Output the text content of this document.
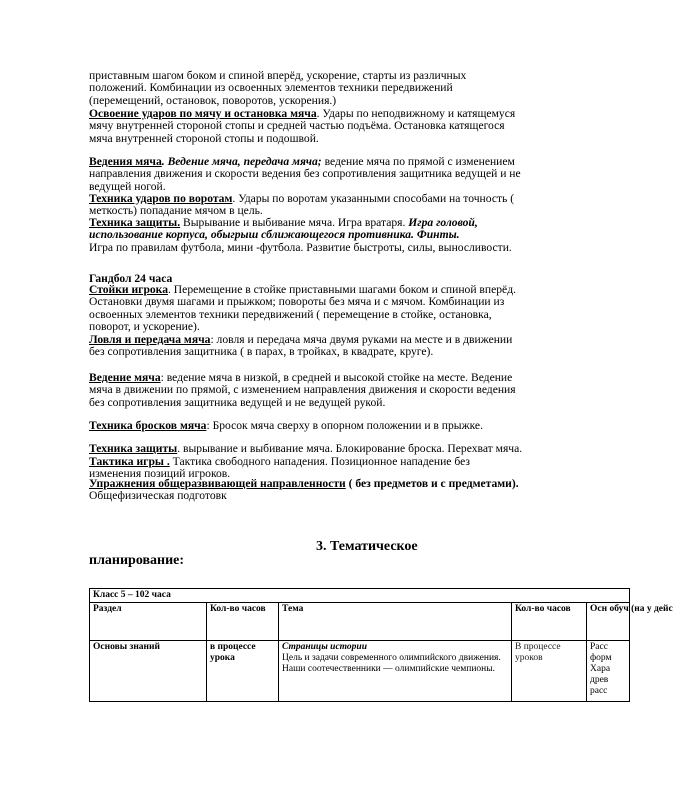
приставным шагом боком и спиной вперёд, ускорение, старты из различных положений. Комбинации из освоенных элементов техники передвижений (перемещений, остановок, поворотов, ускорения.)
Освоение ударов по мячу и остановка мяча. Удары по неподвижному и катящемуся мячу внутренней стороной стопы и средней частью подъёма. Остановка катящегося мяча внутренней стороной стопы и подошвой.
Ведения мяча. Ведение мяча, передача мяча; ведение мяча по прямой с изменением направления движения и скорости ведения без сопротивления защитника ведущей и не ведущей ногой.
Техника ударов по воротам. Удары по воротам указанными способами на точность ( меткость) попадание мячом в цель.
Техника защиты. Вырывание и выбивание мяча. Игра вратаря. Игра головой, использование корпуса, обыгрыш сближающегося противника. Финты.
Игра по правилам футбола, мини -футбола. Развитие быстроты, силы, выносливости.
Гандбол 24 часа
Стойки игрока. Перемещение в стойке приставными шагами боком и спиной вперёд. Остановки двумя шагами и прыжком; повороты без мяча и с мячом. Комбинации из освоенных элементов техники передвижений ( перемещение в стойке, остановка, поворот, и ускорение).
Ловля и передача мяча: ловля и передача мяча двумя руками на месте и в движении без сопротивления защитника ( в парах, в тройках, в квадрате, круге).
Ведение мяча: ведение мяча в низкой, в средней и высокой стойке на месте. Ведение мяча в движении по прямой, с изменением направления движения и скорости ведения без сопротивления защитника ведущей и не ведущей рукой.
Техника бросков мяча: Бросок мяча сверху в опорном положении и в прыжке.
Техника защиты. вырывание и выбивание мяча. Блокирование броска. Перехват мяча.
Тактика игры . Тактика свободного нападения. Позиционное нападение без изменения позиций игроков.
Упражнения общеразвивающей направленности ( без предметов и с предметами). Общефизическая подготовк
3. Тематическое
планирование:
Класс 5 – 102 часа				
Раздел	Кол-во часов	Тема	Кол-во часов	Осн обуч (на у дейс
Основы знаний	в процессе урока	Страницы истории
Цель и задачи современного олимпийского движения.
Наши соотечественники — олимпийские чемпионы.	В процессе уроков	Расс
форм
Хара
древ
расс
